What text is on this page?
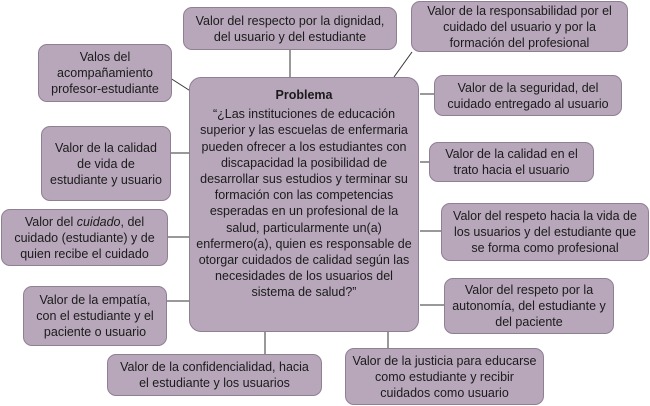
Problema
“¿Las instituciones de educación superior y las escuelas de enfermaria pueden ofrecer a los estudiantes con discapacidad la posibilidad de desarrollar sus estudios y terminar su formación con las competencias esperadas en un profesional de la salud, particularmente un(a) enfermero(a), quien es responsable de otorgar cuidados de calidad según las necesidades de los usuarios del sistema de salud?”
Valor del respecto por la dignidad, del usuario y del estudiante
Valor de la responsabilidad por el cuidado del usuario y por la formación del profesional
Valos del acompañamiento profesor-estudiante	Valor de la seguridad, del cuidado entregado al usuario
Valor de la calidad de vida de estudiante y usuario
Valor de la calidad en el trato hacia el usuario
Valor del cuidado, del cuidado (estudiante) y de quien recibe el cuidado
Valor del respeto hacia la vida de los usuarios y del estudiante que se forma como profesional
Valor de la empatía, con el estudiante y el paciente o usuario
Valor del respeto por la autonomía, del estudiante y del paciente
Valor de la confidencialidad, hacia el estudiante y los usuarios
Valor de la justicia para educarse como estudiante y recibir cuidados como usuario
